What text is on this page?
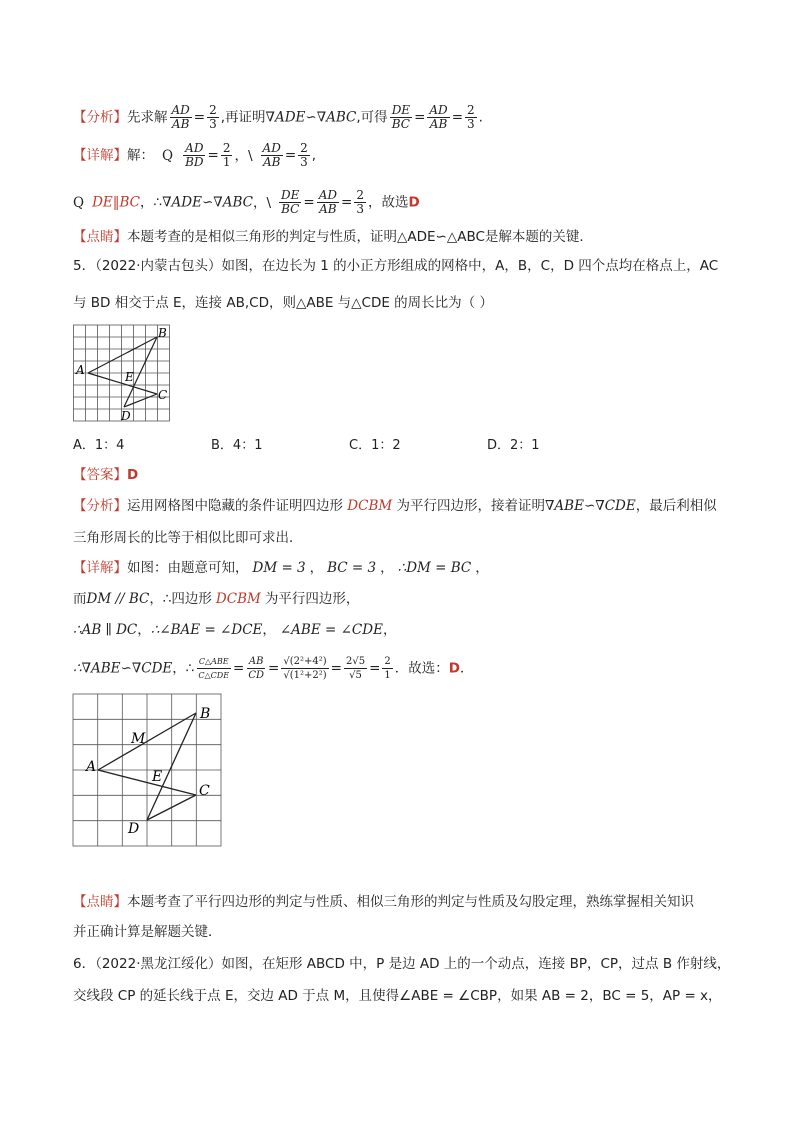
【分析】先求解 $\frac{AD}{AB} = \frac{2}{3}$ ,再证明∇ADE∽∇ABC,可得 $\frac{DE}{BC} = \frac{AD}{AB} = \frac{2}{3}$ .
【详解】解： Q $\frac{AD}{BD} = \frac{2}{1}$ ，\ $\frac{AD}{AB} = \frac{2}{3}$ ,
Q DE‖BC，∴∇ADE∽∇ABC，\ $\frac{DE}{BC} = \frac{AD}{AB} = \frac{2}{3}$ ，故选D
【点睛】本题考查的是相似三角形的判定与性质，证明△ADE∽△ABC是解本题的关键．
5．（2022·内蒙古包头）如图，在边长为 1 的小正方形组成的网格中，A，B，C，D 四个点均在格点上，AC
与 BD 相交于点 E，连接 AB,CD，则△ABE 与△CDE 的周长比为（ ）
A
B
C
D
E
A．1：4	B．4：1	C．1：2	D．2：1
【答案】D
【分析】运用网格图中隐藏的条件证明四边形 DCBM 为平行四边形，接着证明∇ABE∽∇CDE，最后利相似
三角形周长的比等于相似比即可求出．
【详解】如图：由题意可知， DM = 3 ， BC = 3 ， ∴DM = BC ，
而DM // BC，∴四边形 DCBM 为平行四边形，
∴AB ∥ DC，∴∠BAE = ∠DCE， ∠ABE = ∠CDE，
∴∇ABE∽∇CDE，∴ $\frac{\text{C△ABE}}{\text{C△CDE}} = \frac{AB}{CD} = \frac{\text{√(2²+4²)}}{\text{√(1²+2²)}} = \frac{2√5}{√5} = \frac{2}{1}$ ．故选：D．
A
B
C
D
E
M
【点睛】本题考查了平行四边形的判定与性质、相似三角形的判定与性质及勾股定理，熟练掌握相关知识
并正确计算是解题关键．
6．（2022·黑龙江绥化）如图，在矩形 ABCD 中，P 是边 AD 上的一个动点，连接 BP，CP，过点 B 作射线，
交线段 CP 的延长线于点 E，交边 AD 于点 M，且使得∠ABE = ∠CBP，如果 AB = 2，BC = 5，AP = x，
